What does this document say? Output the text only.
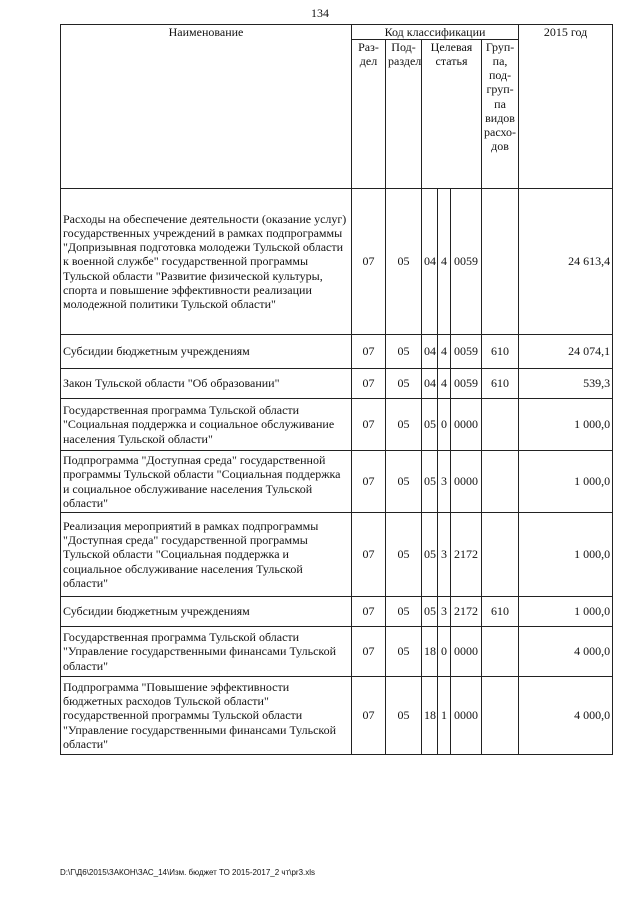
134
Наименование	Код классификации						2015 год
	Раз-дел	Под-раздел	Целевая статья			Груп-па, под-груп-па видов расхо-дов	
Расходы на обеспечение деятельности (оказание услуг) государственных учреждений в рамках подпрограммы "Допризывная подготовка молодежи Тульской области к военной службе" государственной программы Тульской области "Развитие физической культуры, спорта и повышение эффективности реализации молодежной политики Тульской области"	07	05	04	4	0059		24 613,4
Субсидии бюджетным учреждениям	07	05	04	4	0059	610	24 074,1
Закон Тульской области "Об образовании"	07	05	04	4	0059	610	539,3
Государственная программа Тульской области "Социальная поддержка и социальное обслуживание населения Тульской области"	07	05	05	0	0000		1 000,0
Подпрограмма "Доступная среда" государственной программы Тульской области "Социальная поддержка и социальное обслуживание населения Тульской области"	07	05	05	3	0000		1 000,0
Реализация мероприятий в рамках подпрограммы "Доступная среда" государственной программы Тульской области "Социальная поддержка и социальное обслуживание населения Тульской области"	07	05	05	3	2172		1 000,0
Субсидии бюджетным учреждениям	07	05	05	3	2172	610	1 000,0
Государственная программа Тульской области "Управление государственными финансами Тульской области"	07	05	18	0	0000		4 000,0
Подпрограмма "Повышение эффективности бюджетных расходов Тульской области" государственной программы Тульской области "Управление государственными финансами Тульской области"	07	05	18	1	0000		4 000,0
D:\Г\Д6\2015\ЗАКОН\ЗАС_14\Изм. бюджет ТО 2015-2017_2 чт\pr3.xls
